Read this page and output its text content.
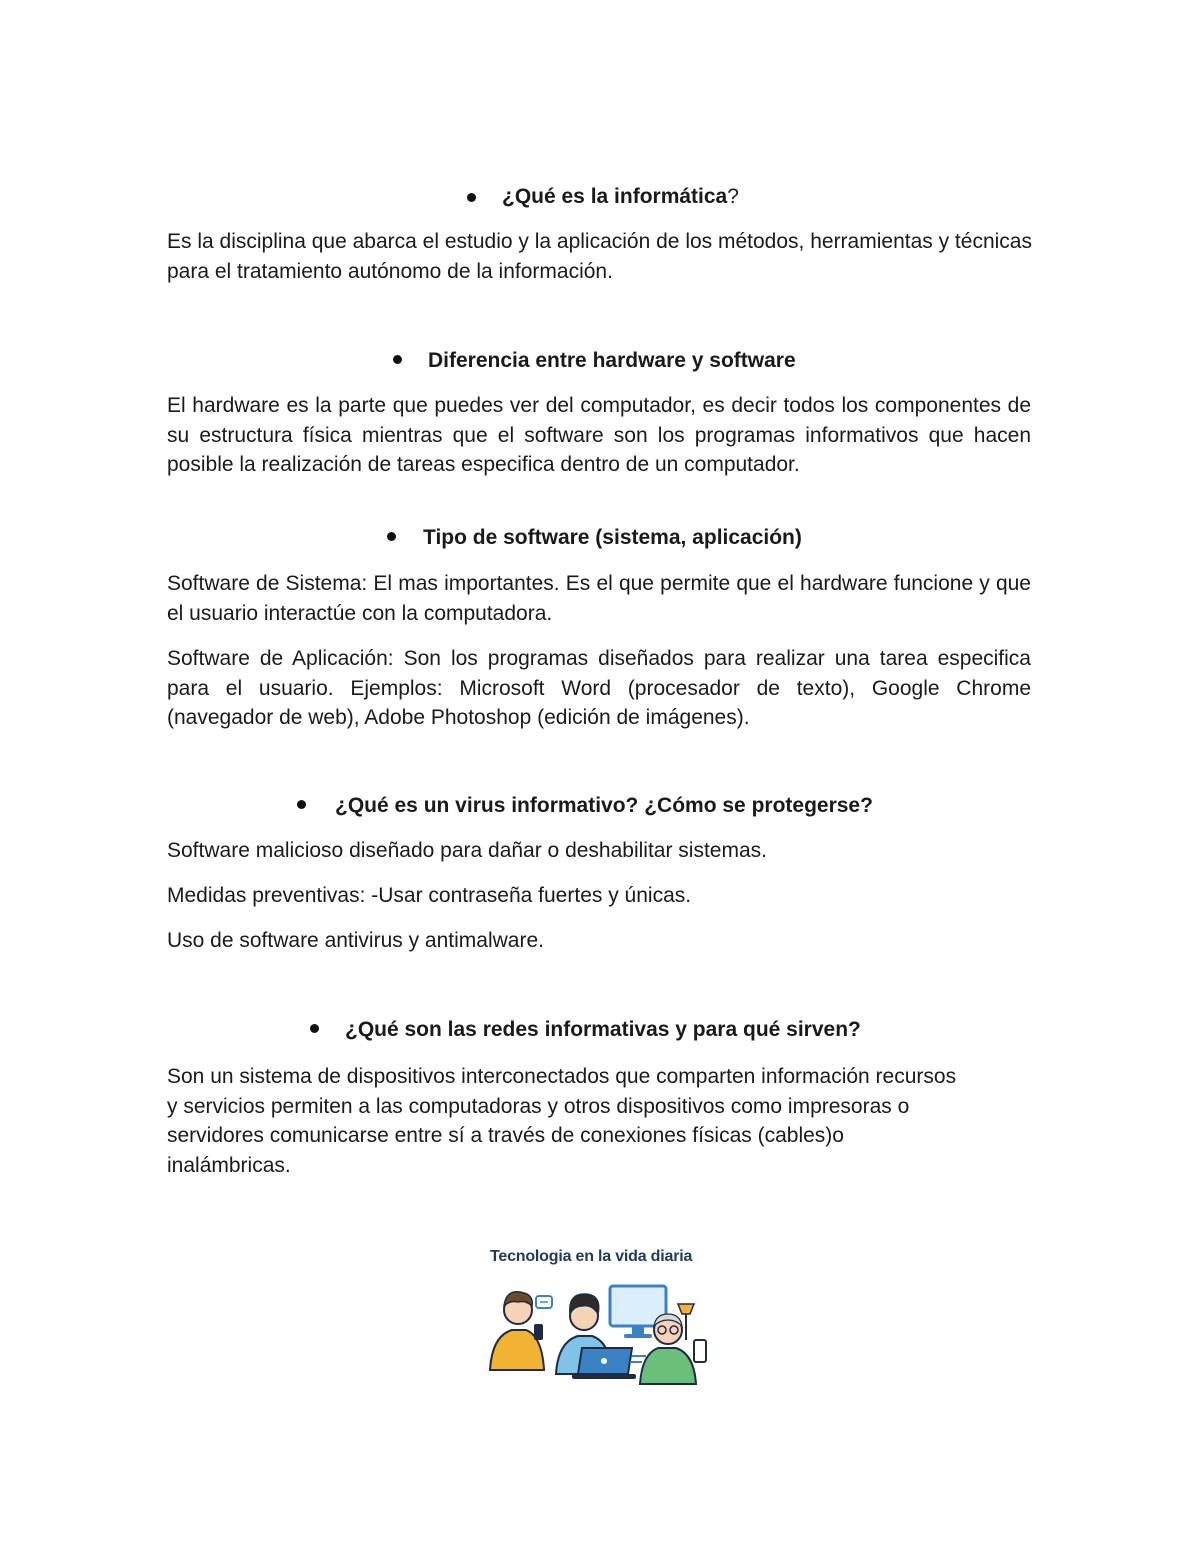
¿Qué es la informática?

Es la disciplina que abarca el estudio y la aplicación de los métodos, herramientas y técnicas para el tratamiento autónomo de la información.

Diferencia entre hardware y software

El hardware es la parte que puedes ver del computador, es decir todos los componentes de su estructura física mientras que el software son los programas informativos que hacen posible la realización de tareas especifica dentro de un computador.

Tipo de software (sistema, aplicación)

Software de Sistema: El mas importantes. Es el que permite que el hardware funcione y que el usuario interactúe con la computadora.

Software de Aplicación: Son los programas diseñados para realizar una tarea especifica para el usuario. Ejemplos: Microsoft Word (procesador de texto), Google Chrome (navegador de web), Adobe Photoshop (edición de imágenes).

¿Qué es un virus informativo? ¿Cómo se protegerse?

Software malicioso diseñado para dañar o deshabilitar sistemas.

Medidas preventivas: -Usar contraseña fuertes y únicas.

Uso de software antivirus y antimalware.

¿Qué son las redes informativas y para qué sirven?

Son un sistema de dispositivos interconectados que comparten información recursos y servicios permiten a las computadoras y otros dispositivos como impresoras o servidores comunicarse entre sí a través de conexiones físicas (cables)o inalámbricas.

Tecnologia en la vida diaria
